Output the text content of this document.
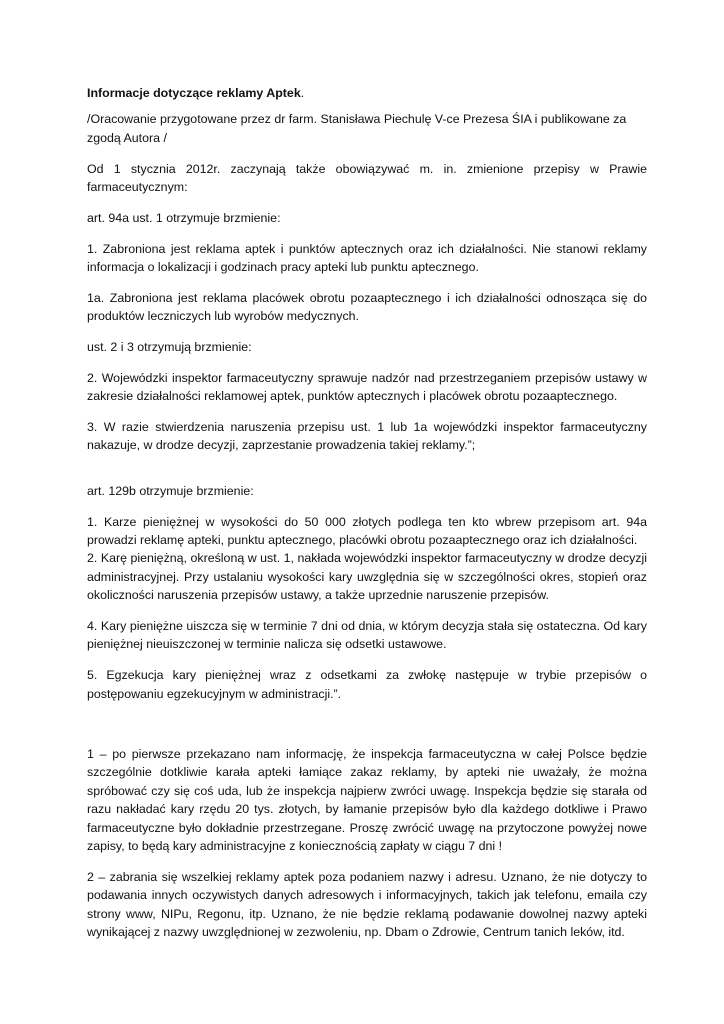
Informacje dotyczące reklamy Aptek.

/Oracowanie przygotowane przez dr farm. Stanisława Piechulę V-ce Prezesa ŚIA i publikowane za zgodą Autora /

Od 1 stycznia 2012r. zaczynają także obowiązywać m. in. zmienione przepisy w Prawie farmaceutycznym:

art. 94a ust. 1 otrzymuje brzmienie:

1. Zabroniona jest reklama aptek i punktów aptecznych oraz ich działalności. Nie stanowi reklamy informacja o lokalizacji i godzinach pracy apteki lub punktu aptecznego.

1a. Zabroniona jest reklama placówek obrotu pozaaptecznego i ich działalności odnosząca się do produktów leczniczych lub wyrobów medycznych.

ust. 2 i 3 otrzymują brzmienie:

2. Wojewódzki inspektor farmaceutyczny sprawuje nadzór nad przestrzeganiem przepisów ustawy w zakresie działalności reklamowej aptek, punktów aptecznych i placówek obrotu pozaaptecznego.

3. W razie stwierdzenia naruszenia przepisu ust. 1 lub 1a wojewódzki inspektor farmaceutyczny nakazuje, w drodze decyzji, zaprzestanie prowadzenia takiej reklamy.”;

art. 129b otrzymuje brzmienie:

1. Karze pieniężnej w wysokości do 50 000 złotych podlega ten kto wbrew przepisom art. 94a prowadzi reklamę apteki, punktu aptecznego, placówki obrotu pozaaptecznego oraz ich działalności.

2. Karę pieniężną, określoną w ust. 1, nakłada wojewódzki inspektor farmaceutyczny w drodze decyzji administracyjnej. Przy ustalaniu wysokości kary uwzględnia się w szczególności okres, stopień oraz okoliczności naruszenia przepisów ustawy, a także uprzednie naruszenie przepisów.

4. Kary pieniężne uiszcza się w terminie 7 dni od dnia, w którym decyzja stała się ostateczna. Od kary pieniężnej nieuiszczonej w terminie nalicza się odsetki ustawowe.

5. Egzekucja kary pieniężnej wraz z odsetkami za zwłokę następuje w trybie przepisów o postępowaniu egzekucyjnym w administracji.”.

1 – po pierwsze przekazano nam informację, że inspekcja farmaceutyczna w całej Polsce będzie szczególnie dotkliwie karała apteki łamiące zakaz reklamy, by apteki nie uważały, że można spróbować czy się coś uda, lub że inspekcja najpierw zwróci uwagę. Inspekcja będzie się starała od razu nakładać kary rzędu 20 tys. złotych, by łamanie przepisów było dla każdego dotkliwe i Prawo farmaceutyczne było dokładnie przestrzegane. Proszę zwrócić uwagę na przytoczone powyżej nowe zapisy, to będą kary administracyjne z koniecznością zapłaty w ciągu 7 dni !

2 – zabrania się wszelkiej reklamy aptek poza podaniem nazwy i adresu. Uznano, że nie dotyczy to podawania innych oczywistych danych adresowych i informacyjnych, takich jak telefonu, emaila czy strony www, NIPu, Regonu, itp. Uznano, że nie będzie reklamą podawanie dowolnej nazwy apteki wynikającej z nazwy uwzględnionej w zezwoleniu, np. Dbam o Zdrowie, Centrum tanich leków, itd.
